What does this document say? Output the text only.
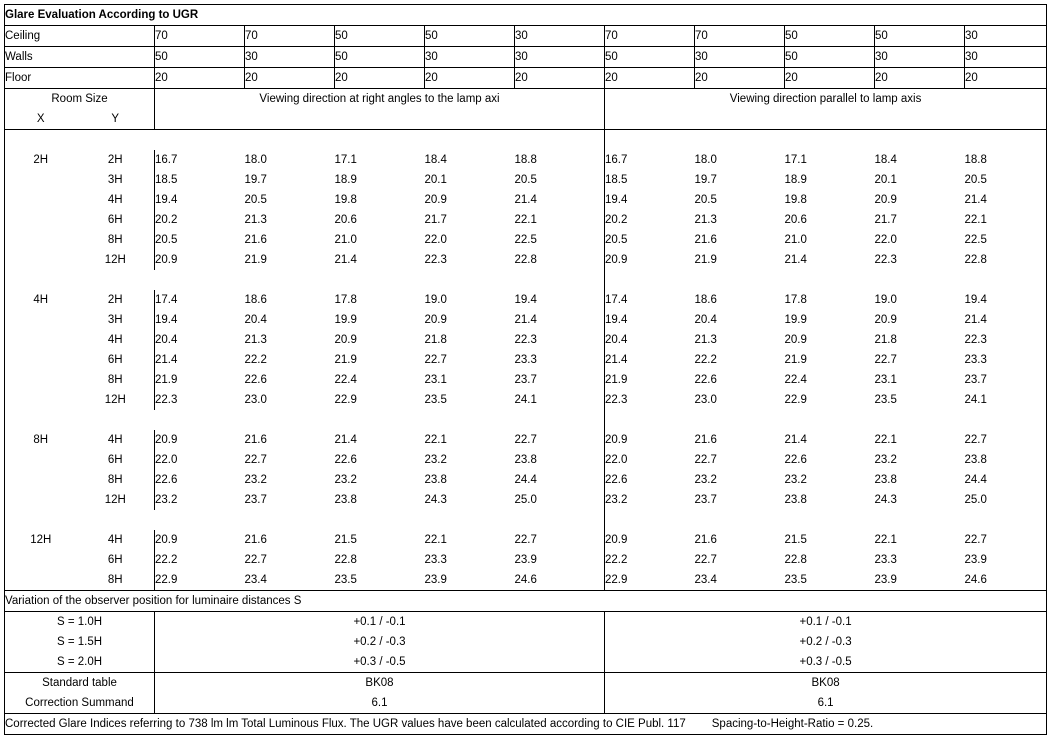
Glare Evaluation According to UGR											
Ceiling		70	70	50	50	30	70	70	50	50	30
Walls		50	30	50	30	30	50	30	50	30	30
Floor		20	20	20	20	20	20	20	20	20	20
Room Size		Viewing direction at right angles to the lamp axi					Viewing direction parallel to lamp axis				
X	Y										

2H	2H	16.7	18.0	17.1	18.4	18.8	16.7	18.0	17.1	18.4	18.8
	3H	18.5	19.7	18.9	20.1	20.5	18.5	19.7	18.9	20.1	20.5
	4H	19.4	20.5	19.8	20.9	21.4	19.4	20.5	19.8	20.9	21.4
	6H	20.2	21.3	20.6	21.7	22.1	20.2	21.3	20.6	21.7	22.1
	8H	20.5	21.6	21.0	22.0	22.5	20.5	21.6	21.0	22.0	22.5
	12H	20.9	21.9	21.4	22.3	22.8	20.9	21.9	21.4	22.3	22.8

4H	2H	17.4	18.6	17.8	19.0	19.4	17.4	18.6	17.8	19.0	19.4
	3H	19.4	20.4	19.9	20.9	21.4	19.4	20.4	19.9	20.9	21.4
	4H	20.4	21.3	20.9	21.8	22.3	20.4	21.3	20.9	21.8	22.3
	6H	21.4	22.2	21.9	22.7	23.3	21.4	22.2	21.9	22.7	23.3
	8H	21.9	22.6	22.4	23.1	23.7	21.9	22.6	22.4	23.1	23.7
	12H	22.3	23.0	22.9	23.5	24.1	22.3	23.0	22.9	23.5	24.1

8H	4H	20.9	21.6	21.4	22.1	22.7	20.9	21.6	21.4	22.1	22.7
	6H	22.0	22.7	22.6	23.2	23.8	22.0	22.7	22.6	23.2	23.8
	8H	22.6	23.2	23.2	23.8	24.4	22.6	23.2	23.2	23.8	24.4
	12H	23.2	23.7	23.8	24.3	25.0	23.2	23.7	23.8	24.3	25.0

12H	4H	20.9	21.6	21.5	22.1	22.7	20.9	21.6	21.5	22.1	22.7
	6H	22.2	22.7	22.8	23.3	23.9	22.2	22.7	22.8	23.3	23.9
	8H	22.9	23.4	23.5	23.9	24.6	22.9	23.4	23.5	23.9	24.6
Variation of the observer position for luminaire distances S											
S = 1.0H		+0.1 / -0.1					+0.1 / -0.1				
S = 1.5H		+0.2 / -0.3					+0.2 / -0.3				
S = 2.0H		+0.3 / -0.5					+0.3 / -0.5				
Standard table		BK08					BK08				
Correction Summand		6.1					6.1				
Corrected Glare Indices referring to 738 lm lm Total Luminous Flux. The UGR values have been calculated according to CIE Publ. 117 Spacing-to-Height-Ratio = 0.25.											
